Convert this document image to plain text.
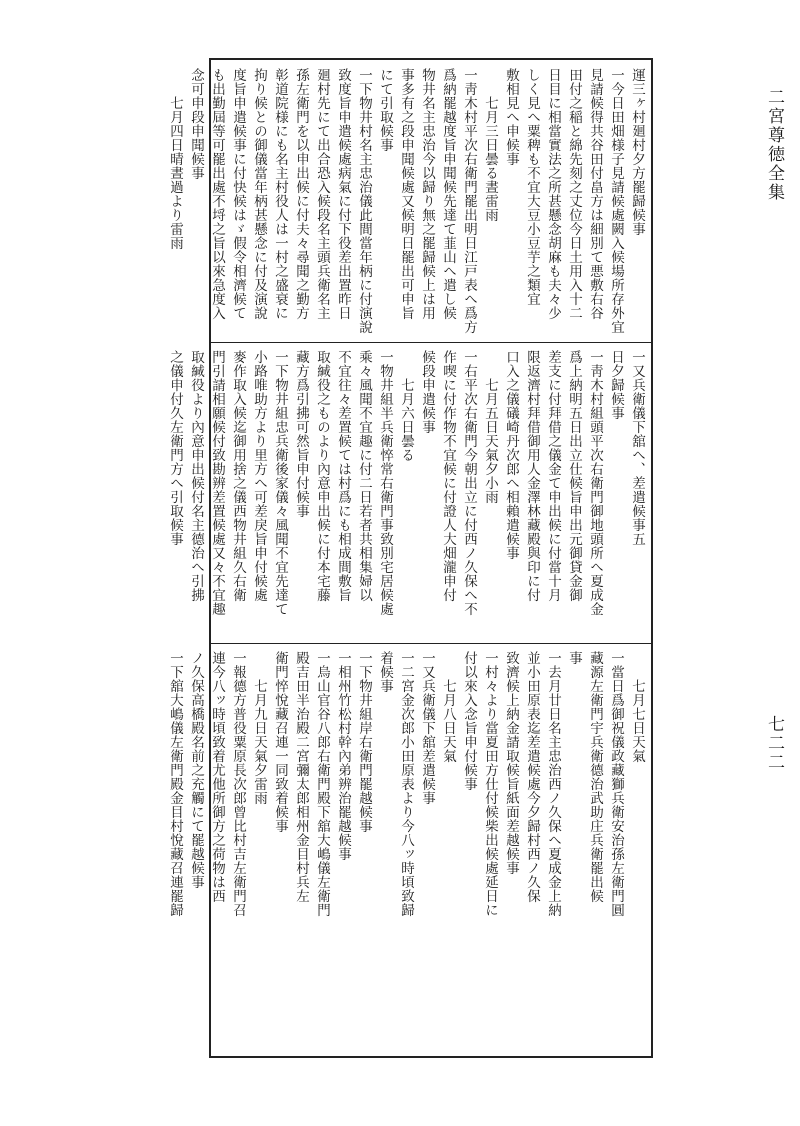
二宮尊徳全集
七二二
運三ヶ村廻村夕方罷歸候事
一今日田畑様子見請候處闕入候場所存外宜
見請候得共谷田付畠方は細別て悪敷右谷
田付之稲と綿先刻之丈位今日土用入十二
日目に相當實法之所甚懸念胡麻も夫々少
しく見へ粟稗も不宜大豆小豆芋之類宜
敷相見へ申候事
　　七月三日曇る晝雷雨
一靑木村平次右衛門罷出明日江戸表へ爲方
爲納罷越度旨申聞候先達て韮山へ遣し候
物井名主忠治今以歸り無之罷歸候上は用
事多有之段申聞候處又候明日罷出可申旨
にて引取候事
一下物井村名主忠治儀此間當年柄に付演說
致度旨申遣候處病氣に付下役差出置昨日
廻村先にて出合恐入候段名主頭兵衛名主
孫左衛門を以申出候に付夫々尋聞之勤方
彰道院様にも名主村役人は一村之盛衰に
拘り候との御儀當年柄甚懸念に付及演說
度旨申遣候事に付快候はゞ假令相濟候て
も出勤屆等可罷出處不埒之旨以來急度入
念可申段申聞候事
　　七月四日晴晝過より雷雨
一又兵衛儀下舘へ、差遣候事五
日夕歸候事
一靑木村組頭平次右衛門御地頭所へ夏成金
爲上納明五日出立仕候旨申出元御貸金御
差支に付拜借之儀金て申出候に付當十月
限返濟村拜借御用人金澤林藏殿與印に付
口入之儀礒崎丹次郎へ相賴遣候事
　　七月五日天氣夕小雨
一右平次右衛門今朝出立に付西ノ久保へ不
作喫に付作物不宜候に付證人大畑瀧申付
候段申遣候事
　　七月六日曇る
一物井組半兵衛悴常右衛門事致別宅居候處
乘々風聞不宜趣に付二日若者共相集婦以
不宜往々差置候ては村爲にも相成間敷旨
取緘役之ものより內意申出候に付本宅藤
藏方爲引拂可然旨申付候事
一下物井組忠兵衛後家儀々風聞不宜先達て
小路唯助方より里方へ可差戾旨申付候處
麥作取入候迄御用捨之儀西物井組久右衛
門引請相願候付致勘辨差置候處又々不宜趣
取緘役より內意申出候付名主德治へ引拂
之儀申付久左衛門方へ引取候事
　　七月七日天氣
一當日爲御祝儀政藏獅兵衛安治孫左衛門圓
藏源左衛門宇兵衛德治武助庄兵衛罷出候
事
一去月廿日名主忠治西ノ久保へ夏成金上納
並小田原表迄差遣候處今夕歸村西ノ久保
致濟候上納金請取候旨紙面差越候事
一村々より當夏田方仕付候柴出候處延日に
付以來入念旨申付候事
　　七月八日天氣
一又兵衛儀下舘差遣候事
一二宮金次郎小田原表より今八ッ時頃致歸
着候事
一下物井組岸右衛門罷越候事
一相州竹松村幹內弟辨治罷越候事
一烏山官谷八郎右衛門殿下舘大嶋儀左衛門
殿吉田半治殿二宮彌太郎相州金目村兵左
衛門悴悅藏召連一同致着候事
　　七月九日天氣夕雷雨
一報德方普役粟原長次郎曾比村吉左衛門召
連今八ッ時頃致着尤他所御方之荷物は西
ノ久保高橋殿名前之充觸にて罷越候事
一下舘大嶋儀左衛門殿金目村悅藏召連罷歸
